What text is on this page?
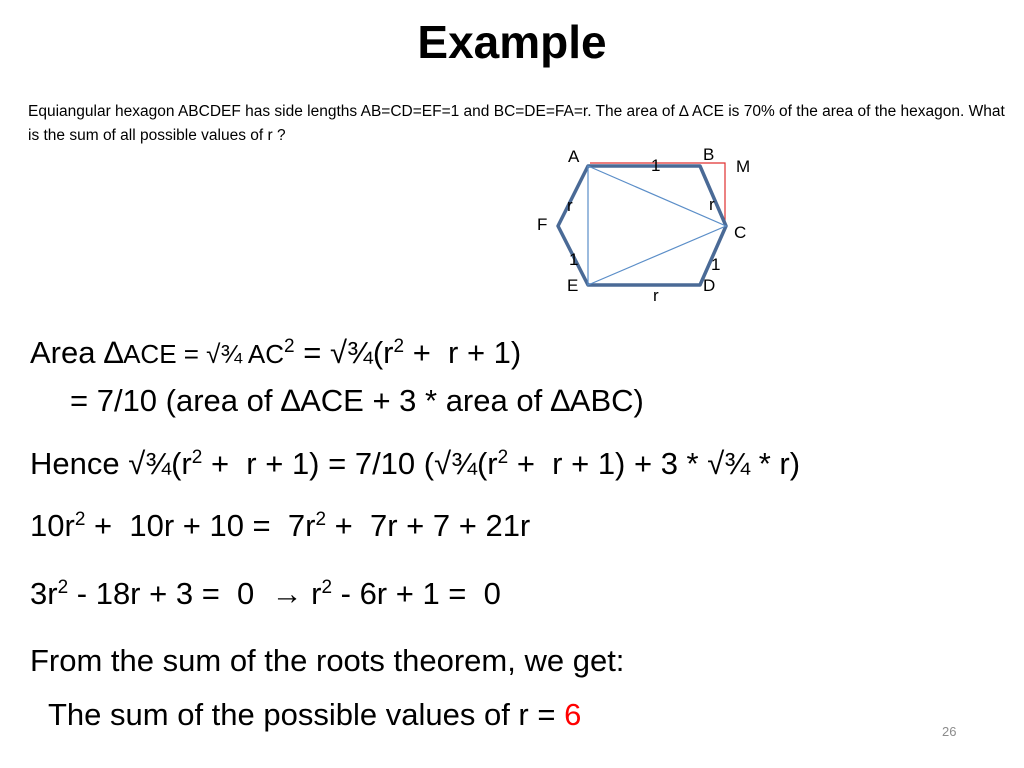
Example
Equiangular hexagon ABCDEF has side lengths AB=CD=EF=1 and BC=DE=FA=r. The area of ∆ ACE is 70% of the area of the hexagon. What is the sum of all possible values of r ?
A	B
M
C
D
E
F
1
r
1
r
1
r
Area ∆ACE = √¾ $AC^2$ = $√\frac{3}{4}(r^2 + r + 1)$
= 7/10 (area of ∆ACE + 3 * area of ∆ABC)
Hence $√\frac{3}{4}(r^2 + r + 1) = 7/10$ ($√\frac{3}{4}(r^2 + r + 1) + 3$ * √¾ * r)
$10r^2 + 10r + 10 = 7r^2 + 7r + 7 + 21r$
$3r^2 - 18r + 3 = 0 \to r^2 - 6r + 1 = 0$
From the sum of the roots theorem, we get:
The sum of the possible values of r = 6	26
